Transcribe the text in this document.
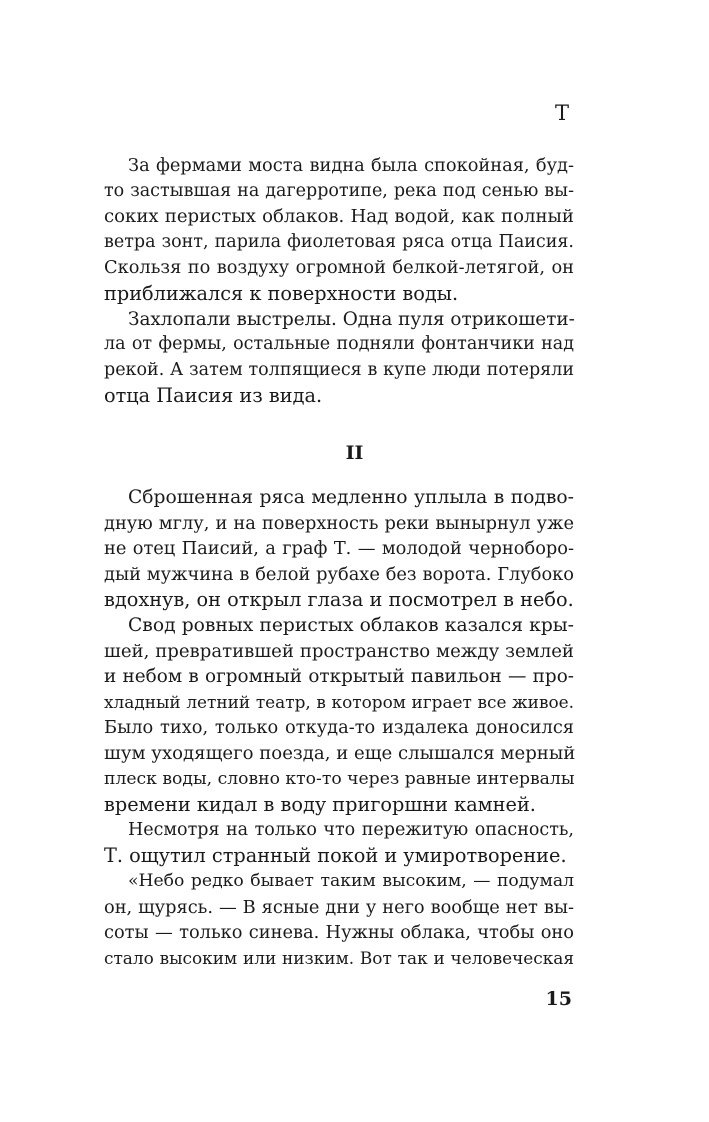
Т
За фермами моста видна была спокойная, буд-
то застывшая на дагерротипе, река под сенью вы-
соких перистых облаков. Над водой, как полный
ветра зонт, парила фиолетовая ряса отца Паисия.
Скользя по воздуху огромной белкой-летягой, он
приближался к поверхности воды.
Захлопали выстрелы. Одна пуля отрикошети-
ла от фермы, остальные подняли фонтанчики над
рекой. А затем толпящиеся в купе люди потеряли
отца Паисия из вида.
II
Сброшенная ряса медленно уплыла в подво-
дную мглу, и на поверхность реки вынырнул уже
не отец Паисий, а граф Т. — молодой черноборо-
дый мужчина в белой рубахе без ворота. Глубоко
вдохнув, он открыл глаза и посмотрел в небо.
Свод ровных перистых облаков казался кры-
шей, превратившей пространство между землей
и небом в огромный открытый павильон — про-
хладный летний театр, в котором играет все живое.
Было тихо, только откуда-то издалека доносился
шум уходящего поезда, и еще слышался мерный
плеск воды, словно кто-то через равные интервалы
времени кидал в воду пригоршни камней.
Несмотря на только что пережитую опасность,
Т. ощутил странный покой и умиротворение.
«Небо редко бывает таким высоким, — подумал
он, щурясь. — В ясные дни у него вообще нет вы-
соты — только синева. Нужны облака, чтобы оно
стало высоким или низким. Вот так и человеческая
15
